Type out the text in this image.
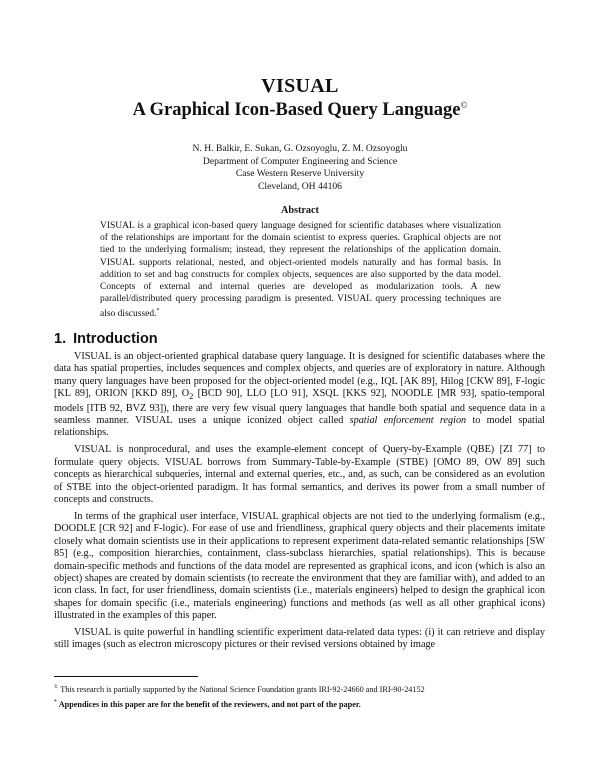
VISUAL
A Graphical Icon-Based Query Language©
N. H. Balkir, E. Sukan, G. Ozsoyoglu, Z. M. Ozsoyoglu
Department of Computer Engineering and Science
Case Western Reserve University
Cleveland, OH 44106
Abstract
VISUAL is a graphical icon-based query language designed for scientific databases where visualization of the relationships are important for the domain scientist to express queries. Graphical objects are not tied to the underlying formalism; instead, they represent the relationships of the application domain. VISUAL supports relational, nested, and object-oriented models naturally and has formal basis. In addition to set and bag constructs for complex objects, sequences are also supported by the data model. Concepts of external and internal queries are developed as modularization tools. A new parallel/distributed query processing paradigm is presented. VISUAL query processing techniques are also discussed.*
1. Introduction

VISUAL is an object-oriented graphical database query language. It is designed for scientific databases where the data has spatial properties, includes sequences and complex objects, and queries are of exploratory in nature. Although many query languages have been proposed for the object-oriented model (e.g., IQL [AK 89], Hilog [CKW 89], F-logic [KL 89], ORION [KKD 89], $O_2$ [BCD 90], LLO [LO 91], XSQL [KKS 92], NOODLE [MR 93], spatio-temporal models [ITB 92, BVZ 93]), there are very few visual query languages that handle both spatial and sequence data in a seamless manner. VISUAL uses a unique iconized object called spatial enforcement region to model spatial relationships.

VISUAL is nonprocedural, and uses the example-element concept of Query-by-Example (QBE) [ZI 77] to formulate query objects. VISUAL borrows from Summary-Table-by-Example (STBE) [OMO 89, OW 89] such concepts as hierarchical subqueries, internal and external queries, etc., and, as such, can be considered as an evolution of STBE into the object-oriented paradigm. It has formal semantics, and derives its power from a small number of concepts and constructs.

In terms of the graphical user interface, VISUAL graphical objects are not tied to the underlying formalism (e.g., DOODLE [CR 92] and F-logic). For ease of use and friendliness, graphical query objects and their placements imitate closely what domain scientists use in their applications to represent experiment data-related semantic relationships [SW 85] (e.g., composition hierarchies, containment, class-subclass hierarchies, spatial relationships). This is because domain-specific methods and functions of the data model are represented as graphical icons, and icon (which is also an object) shapes are created by domain scientists (to recreate the environment that they are familiar with), and added to an icon class. In fact, for user friendliness, domain scientists (i.e., materials engineers) helped to design the graphical icon shapes for domain specific (i.e., materials engineering) functions and methods (as well as all other graphical icons) illustrated in the examples of this paper.

VISUAL is quite powerful in handling scientific experiment data-related data types: (i) it can retrieve and display still images (such as electron microscopy pictures or their revised versions obtained by image

© This research is partially supported by the National Science Foundation grants IRI-92-24660 and IRI-90-24152
* Appendices in this paper are for the benefit of the reviewers, and not part of the paper.
